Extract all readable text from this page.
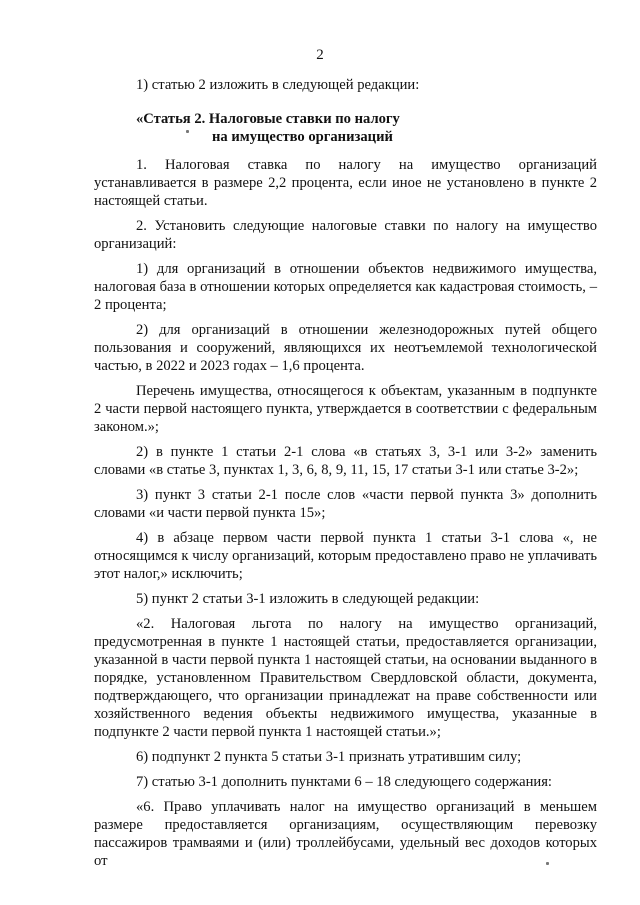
2

1) статью 2 изложить в следующей редакции:

«Статья 2. Налоговые ставки по налогу

на имущество организаций

1. Налоговая ставка по налогу на имущество организаций устанавливается в размере 2,2 процента, если иное не установлено в пункте 2 настоящей статьи.

2. Установить следующие налоговые ставки по налогу на имущество организаций:

1) для организаций в отношении объектов недвижимого имущества, налоговая база в отношении которых определяется как кадастровая стоимость, – 2 процента;

2) для организаций в отношении железнодорожных путей общего пользования и сооружений, являющихся их неотъемлемой технологической частью, в 2022 и 2023 годах – 1,6 процента.

Перечень имущества, относящегося к объектам, указанным в подпункте 2 части первой настоящего пункта, утверждается в соответствии с федеральным законом.»;

2) в пункте 1 статьи 2-1 слова «в статьях 3, 3-1 или 3-2» заменить словами «в статье 3, пунктах 1, 3, 6, 8, 9, 11, 15, 17 статьи 3-1 или статье 3-2»;

3) пункт 3 статьи 2-1 после слов «части первой пункта 3» дополнить словами «и части первой пункта 15»;

4) в абзаце первом части первой пункта 1 статьи 3-1 слова «, не относящимся к числу организаций, которым предоставлено право не уплачивать этот налог,» исключить;

5) пункт 2 статьи 3-1 изложить в следующей редакции:

«2. Налоговая льгота по налогу на имущество организаций, предусмотренная в пункте 1 настоящей статьи, предоставляется организации, указанной в части первой пункта 1 настоящей статьи, на основании выданного в порядке, установленном Правительством Свердловской области, документа, подтверждающего, что организации принадлежат на праве собственности или хозяйственного ведения объекты недвижимого имущества, указанные в подпункте 2 части первой пункта 1 настоящей статьи.»;

6) подпункт 2 пункта 5 статьи 3-1 признать утратившим силу;

7) статью 3-1 дополнить пунктами 6 – 18 следующего содержания:

«6. Право уплачивать налог на имущество организаций в меньшем размере предоставляется организациям, осуществляющим перевозку пассажиров трамваями и (или) троллейбусами, удельный вес доходов которых от
